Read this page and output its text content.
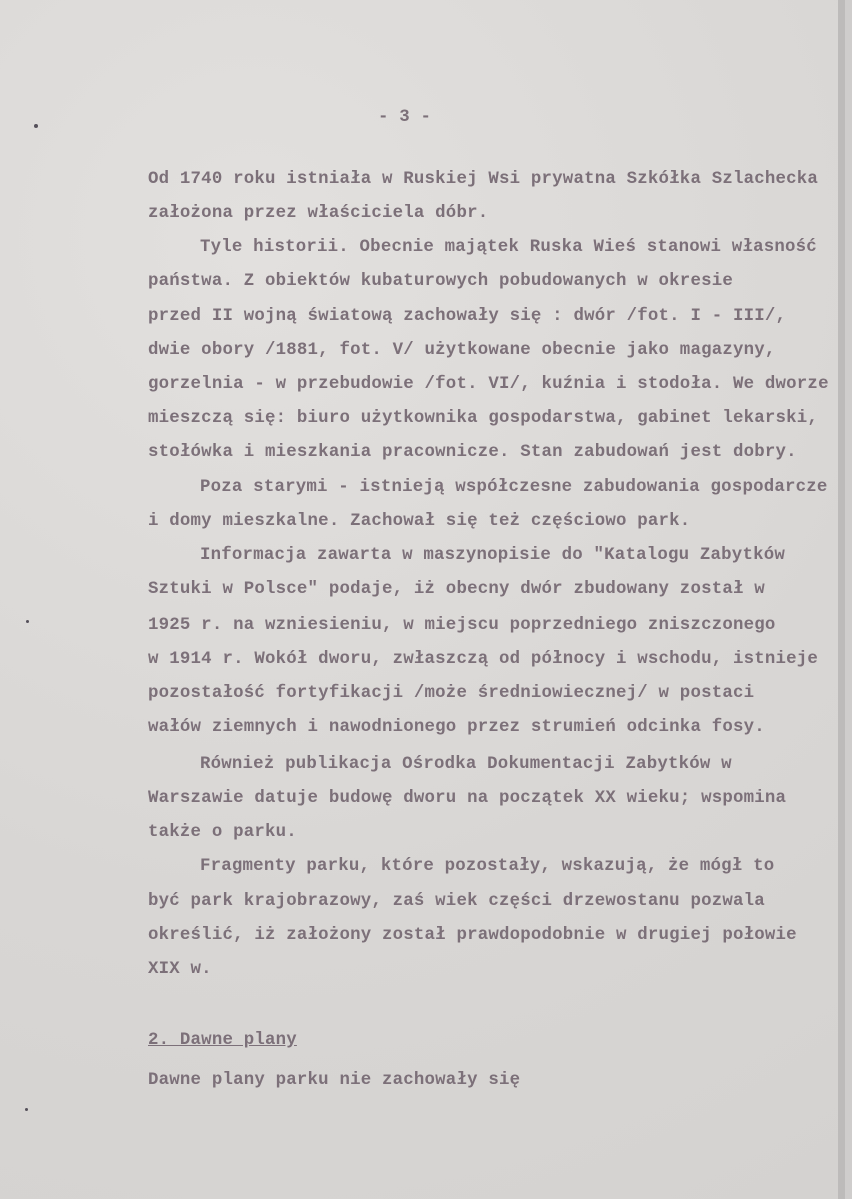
- 3 -
Od 1740 roku istniała w Ruskiej Wsi prywatna Szkółka Szlachecka
założona przez właściciela dóbr.
Tyle historii. Obecnie majątek Ruska Wieś stanowi własność
państwa. Z obiektów kubaturowych pobudowanych w okresie
przed II wojną światową zachowały się : dwór /fot. I - III/,
dwie obory /1881, fot. V/ użytkowane obecnie jako magazyny,
gorzelnia - w przebudowie /fot. VI/, kuźnia i stodoła. We dworze
mieszczą się: biuro użytkownika gospodarstwa, gabinet lekarski,
stołówka i mieszkania pracownicze. Stan zabudowań jest dobry.
Poza starymi - istnieją współczesne zabudowania gospodarcze
i domy mieszkalne. Zachował się też częściowo park.
Informacja zawarta w maszynopisie do "Katalogu Zabytków
Sztuki w Polsce" podaje, iż obecny dwór zbudowany został w
1925 r. na wzniesieniu, w miejscu poprzedniego zniszczonego
w 1914 r. Wokół dworu, zwłaszczą od północy i wschodu, istnieje
pozostałość fortyfikacji /może średniowiecznej/ w postaci
wałów ziemnych i nawodnionego przez strumień odcinka fosy.
Również publikacja Ośrodka Dokumentacji Zabytków w
Warszawie datuje budowę dworu na początek XX wieku; wspomina
także o parku.
Fragmenty parku, które pozostały, wskazują, że mógł to
być park krajobrazowy, zaś wiek części drzewostanu pozwala
określić, iż założony został prawdopodobnie w drugiej połowie
XIX w.
2. Dawne plany
Dawne plany parku nie zachowały się
